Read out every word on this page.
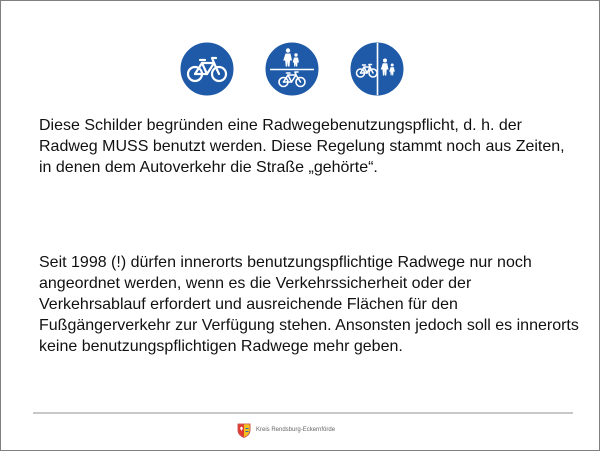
Diese Schilder begründen eine Radwegebenutzungspflicht, d. h. der Radweg MUSS benutzt werden. Diese Regelung stammt noch aus Zeiten, in denen dem Autoverkehr die Straße „gehörte“.

Seit 1998 (!) dürfen innerorts benutzungspflichtige Radwege nur noch angeordnet werden, wenn es die Verkehrssicherheit oder der Verkehrsablauf erfordert und ausreichende Flächen für den Fußgängerverkehr zur Verfügung stehen. Ansonsten jedoch soll es innerorts keine benutzungspflichtigen Radwege mehr geben.

Kreis Rendsburg-Eckernförde
